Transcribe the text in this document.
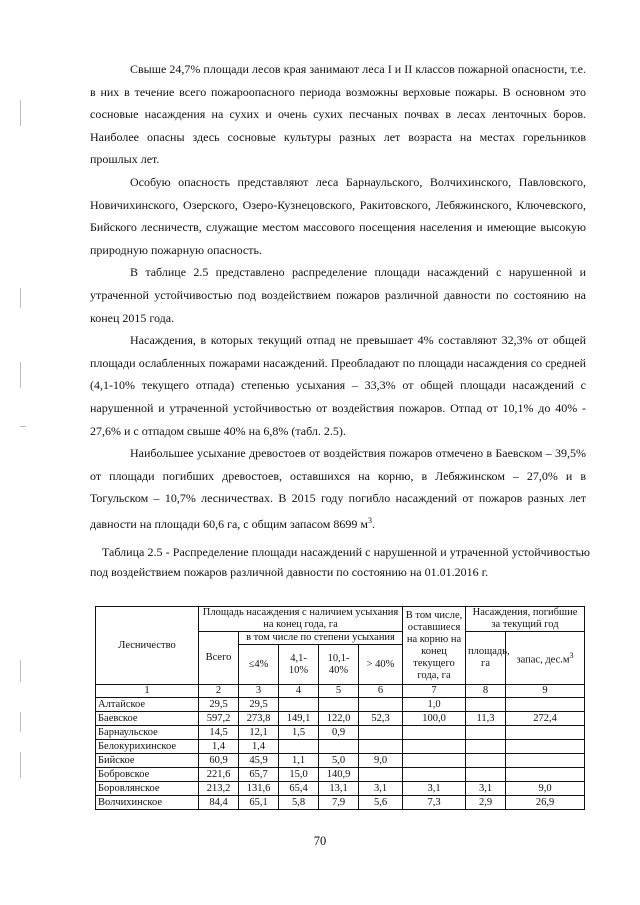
Свыше 24,7% площади лесов края занимают леса I и II классов пожарной опасности, т.е. в них в течение всего пожароопасного периода возможны верховые пожары. В основном это сосновые насаждения на сухих и очень сухих песчаных почвах в лесах ленточных боров. Наиболее опасны здесь сосновые культуры разных лет возраста на местах горельников прошлых лет.

Особую опасность представляют леса Барнаульского, Волчихинского, Павловского, Новичихинского, Озерского, Озеро-Кузнецовского, Ракитовского, Лебяжинского, Ключевского, Бийского лесничеств, служащие местом массового посещения населения и имеющие высокую природную пожарную опасность.

В таблице 2.5 представлено распределение площади насаждений с нарушенной и утраченной устойчивостью под воздействием пожаров различной давности по состоянию на конец 2015 года.

Насаждения, в которых текущий отпад не превышает 4% составляют 32,3% от общей площади ослабленных пожарами насаждений. Преобладают по площади насаждения со средней (4,1-10% текущего отпада) степенью усыхания – 33,3% от общей площади насаждений с нарушенной и утраченной устойчивостью от воздействия пожаров. Отпад от 10,1% до 40% - 27,6% и с отпадом свыше 40% на 6,8% (табл. 2.5).

Наибольшее усыхание древостоев от воздействия пожаров отмечено в Баевском – 39,5% от площади погибших древостоев, оставшихся на корню, в Лебяжинском – 27,0% и в Тогульском – 10,7% лесничествах. В 2015 году погибло насаждений от пожаров разных лет давности на площади 60,6 га, с общим запасом 8699 $м^3$.

Таблица 2.5 - Распределение площади насаждений с нарушенной и утраченной устойчивостью под воздействием пожаров различной давности по состоянию на 01.01.2016 г.

Лесничество	Площадь насаждения с наличием усыхания на конец года, га					В том числе, оставшиеся на корню на конец текущего года, га	Насаждения, погибшие за текущий год	
	Всего	в том числе по степени усыхания					площадь, га	запас, $дес.м^3$
		≤4%	4,1-10%	10,1-40%	> 40%			
1	2	3	4	5	6	7	8	9
Алтайское	29,5	29,5				1,0		
Баевское	597,2	273,8	149,1	122,0	52,3	100,0	11,3	272,4
Барнаульское	14,5	12,1	1,5	0,9				
Белокурихинское	1,4	1,4						
Бийское	60,9	45,9	1,1	5,0	9,0			
Бобровское	221,6	65,7	15,0	140,9				
Боровлянское	213,2	131,6	65,4	13,1	3,1	3,1	3,1	9,0
Волчихинское	84,4	65,1	5,8	7,9	5,6	7,3	2,9	26,9
70
